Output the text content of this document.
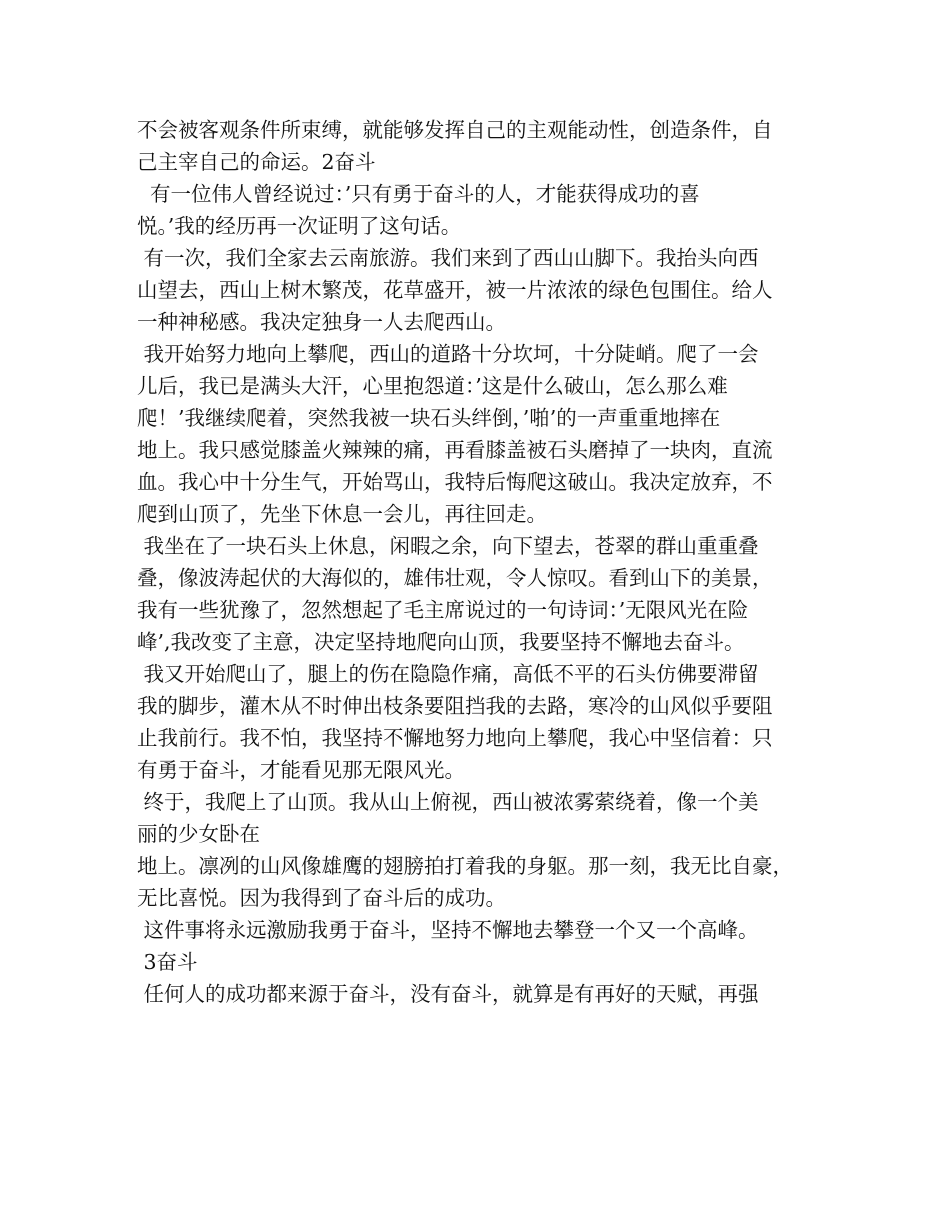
不会被客观条件所束缚，就能够发挥自己的主观能动性，创造条件，自
己主宰自己的命运。2奋斗
有一位伟人曾经说过：’只有勇于奋斗的人，才能获得成功的喜
悦。’我的经历再一次证明了这句话。
有一次，我们全家去云南旅游。我们来到了西山山脚下。我抬头向西
山望去，西山上树木繁茂，花草盛开，被一片浓浓的绿色包围住。给人
一种神秘感。我决定独身一人去爬西山。
我开始努力地向上攀爬，西山的道路十分坎坷，十分陡峭。爬了一会
儿后，我已是满头大汗，心里抱怨道：’这是什么破山，怎么那么难
爬！’我继续爬着，突然我被一块石头绊倒，’啪’的一声重重地摔在
地上。我只感觉膝盖火辣辣的痛，再看膝盖被石头磨掉了一块肉，直流
血。我心中十分生气，开始骂山，我特后悔爬这破山。我决定放弃，不
爬到山顶了，先坐下休息一会儿，再往回走。
我坐在了一块石头上休息，闲暇之余，向下望去，苍翠的群山重重叠
叠，像波涛起伏的大海似的，雄伟壮观，令人惊叹。看到山下的美景，
我有一些犹豫了，忽然想起了毛主席说过的一句诗词：’无限风光在险
峰’,我改变了主意，决定坚持地爬向山顶，我要坚持不懈地去奋斗。
我又开始爬山了，腿上的伤在隐隐作痛，高低不平的石头仿佛要滞留
我的脚步，灌木从不时伸出枝条要阻挡我的去路，寒冷的山风似乎要阻
止我前行。我不怕，我坚持不懈地努力地向上攀爬，我心中坚信着：只
有勇于奋斗，才能看见那无限风光。
终于，我爬上了山顶。我从山上俯视，西山被浓雾萦绕着，像一个美
丽的少女卧在
地上。凛冽的山风像雄鹰的翅膀拍打着我的身躯。那一刻，我无比自豪，
无比喜悦。因为我得到了奋斗后的成功。
这件事将永远激励我勇于奋斗，坚持不懈地去攀登一个又一个高峰。
3奋斗
任何人的成功都来源于奋斗，没有奋斗，就算是有再好的天赋，再强
